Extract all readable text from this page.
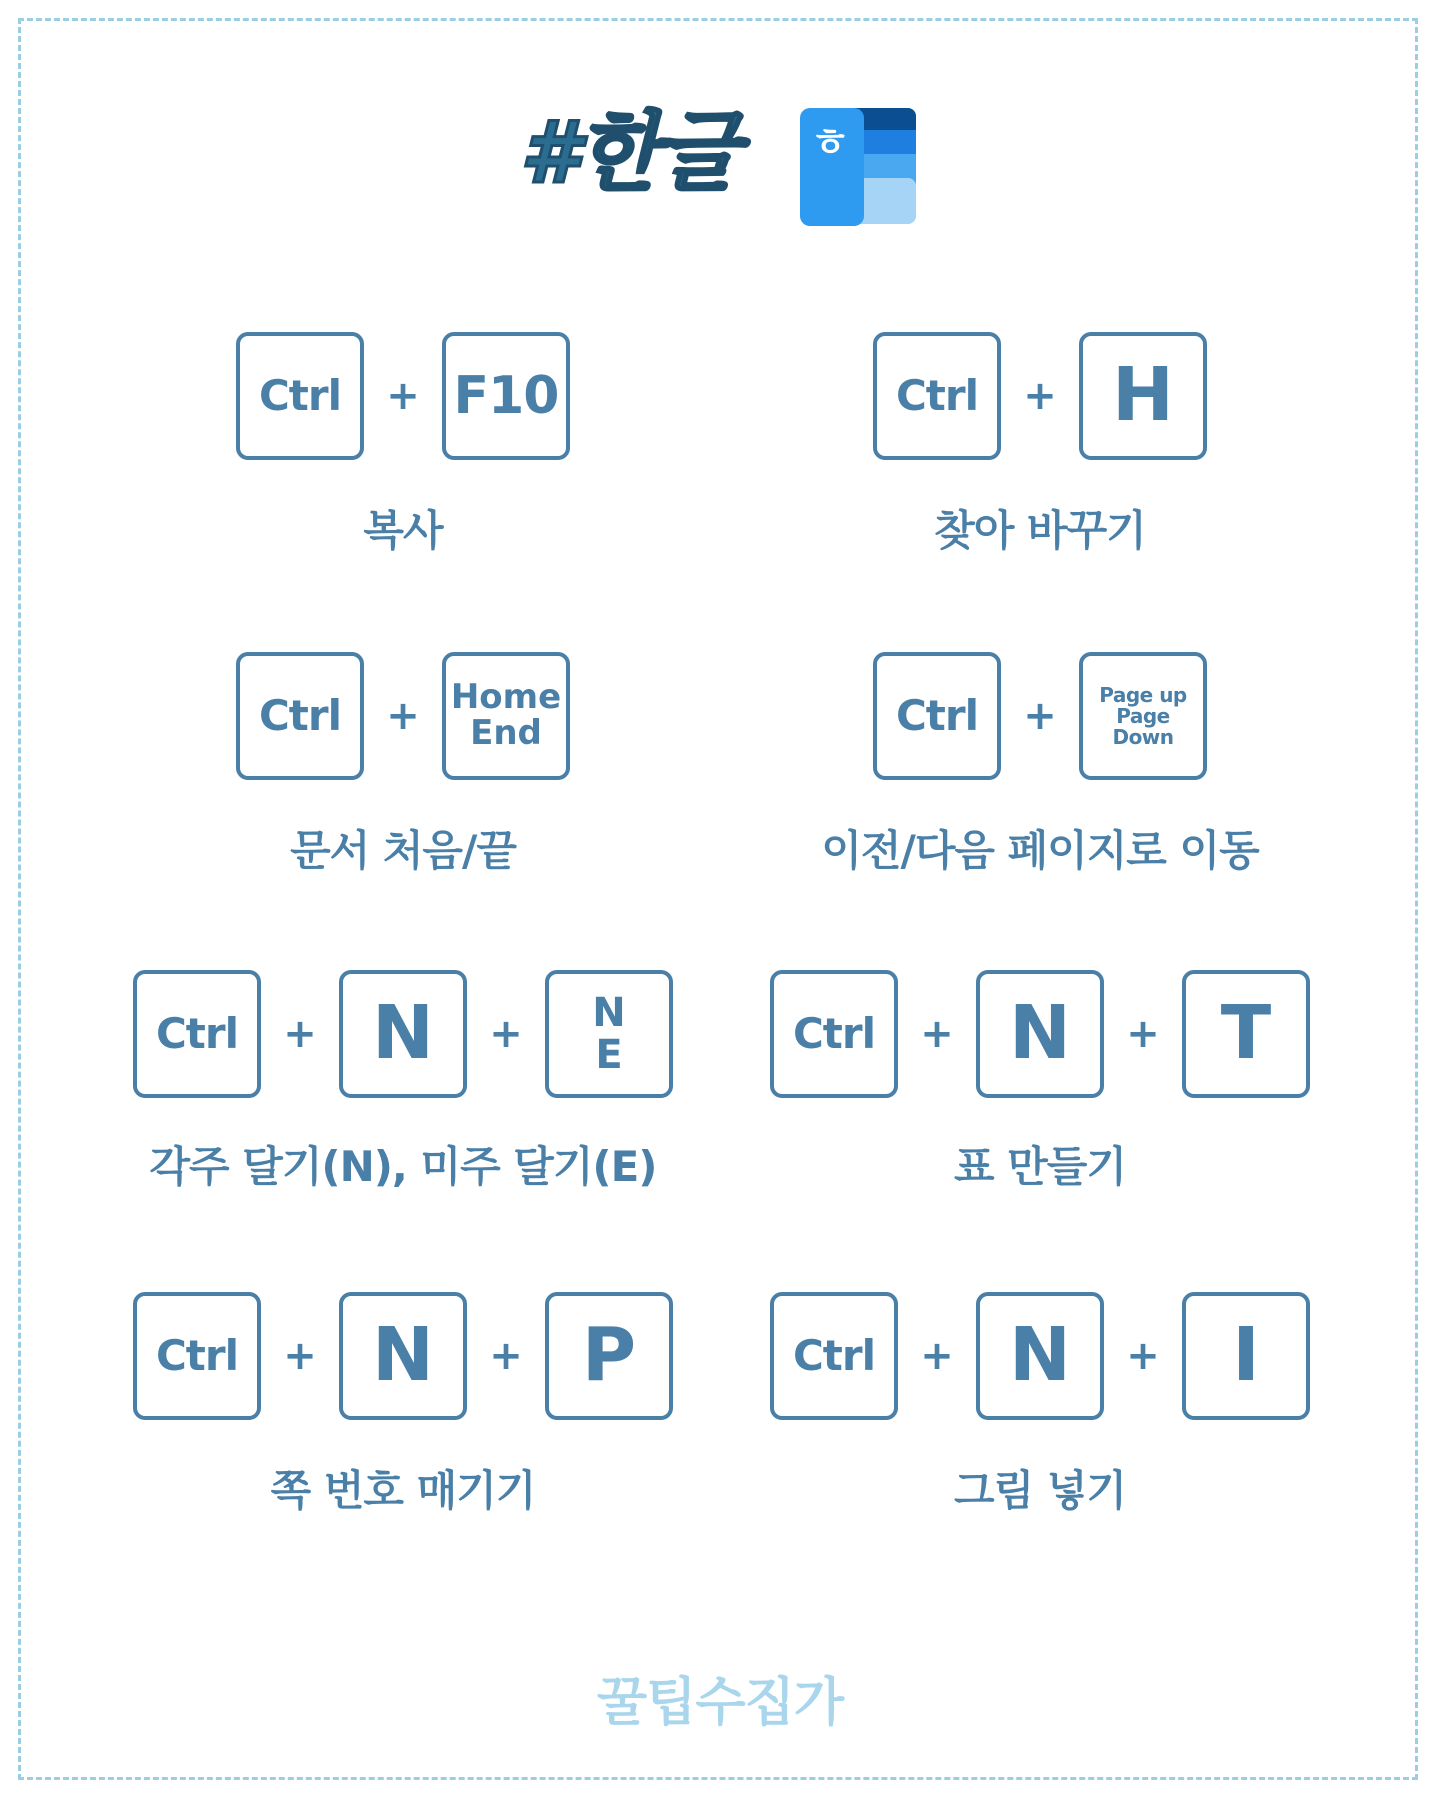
#한글 ㅎ
Ctrl + F10
복사
Ctrl + H
찾아 바꾸기
Ctrl + Home
End
문서 처음/끝
Ctrl + Page up
Page Down
이전/다음 페이지로 이동
Ctrl + N + N
E
각주 달기(N), 미주 달기(E)
Ctrl + N + T
표 만들기
Ctrl + N + P
쪽 번호 매기기
Ctrl + N + I
그림 넣기
꿀팁수집가
